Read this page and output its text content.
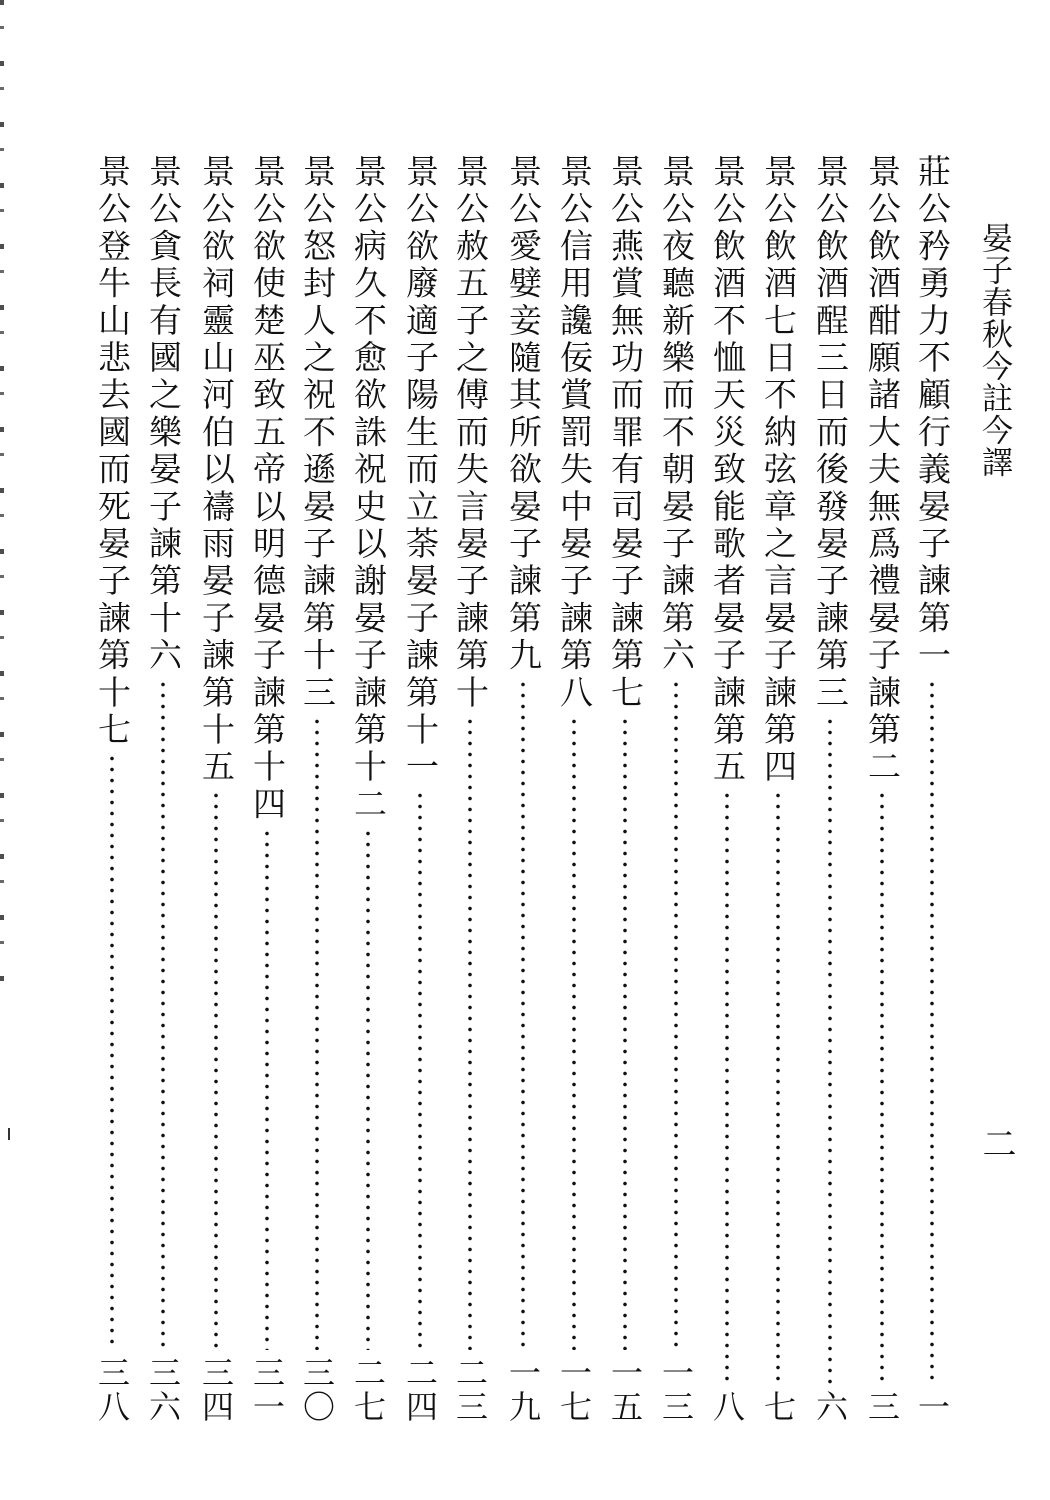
晏子春秋今註今譯
二
莊公矜勇力不顧行義晏子諫第一
一
景公飲酒酣願諸大夫無爲禮晏子諫第二
三
景公飲酒酲三日而後發晏子諫第三
六
景公飲酒七日不納弦章之言晏子諫第四
七
景公飲酒不恤天災致能歌者晏子諫第五
八
景公夜聽新樂而不朝晏子諫第六
一三
景公燕賞無功而罪有司晏子諫第七
一五
景公信用讒佞賞罰失中晏子諫第八
一七
景公愛嬖妾隨其所欲晏子諫第九
一九
景公赦五子之傅而失言晏子諫第十
二三
景公欲廢適子陽生而立荼晏子諫第十一
二四
景公病久不愈欲誅祝史以謝晏子諫第十二
二七
景公怒封人之祝不遜晏子諫第十三
三〇
景公欲使楚巫致五帝以明德晏子諫第十四
三一
景公欲祠靈山河伯以禱雨晏子諫第十五
三四
景公貪長有國之樂晏子諫第十六
三六
景公登牛山悲去國而死晏子諫第十七
三八
